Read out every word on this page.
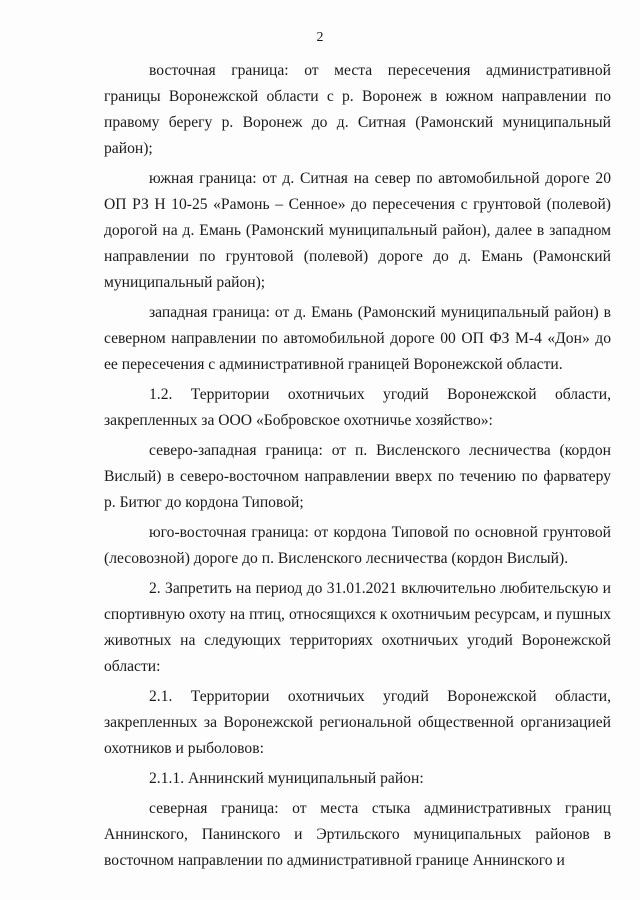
2

восточная граница: от места пересечения административной границы Воронежской области с р. Воронеж в южном направлении по правому берегу р. Воронеж до д. Ситная (Рамонский муниципальный район);

южная граница: от д. Ситная на север по автомобильной дороге 20 ОП РЗ Н 10-25 «Рамонь – Сенное» до пересечения с грунтовой (полевой) дорогой на д. Емань (Рамонский муниципальный район), далее в западном направлении по грунтовой (полевой) дороге до д. Емань (Рамонский муниципальный район);

западная граница: от д. Емань (Рамонский муниципальный район) в северном направлении по автомобильной дороге 00 ОП ФЗ М-4 «Дон» до ее пересечения с административной границей Воронежской области.

1.2. Территории охотничьих угодий Воронежской области, закрепленных за ООО «Бобровское охотничье хозяйство»:

северо-западная граница: от п. Висленского лесничества (кордон Вислый) в северо-восточном направлении вверх по течению по фарватеру р. Битюг до кордона Типовой;

юго-восточная граница: от кордона Типовой по основной грунтовой (лесовозной) дороге до п. Висленского лесничества (кордон Вислый).

2. Запретить на период до 31.01.2021 включительно любительскую и спортивную охоту на птиц, относящихся к охотничьим ресурсам, и пушных животных на следующих территориях охотничьих угодий Воронежской области:

2.1. Территории охотничьих угодий Воронежской области, закрепленных за Воронежской региональной общественной организацией охотников и рыболовов:

2.1.1. Аннинский муниципальный район:

северная граница: от места стыка административных границ Аннинского, Панинского и Эртильского муниципальных районов в восточном направлении по административной границе Аннинского и
